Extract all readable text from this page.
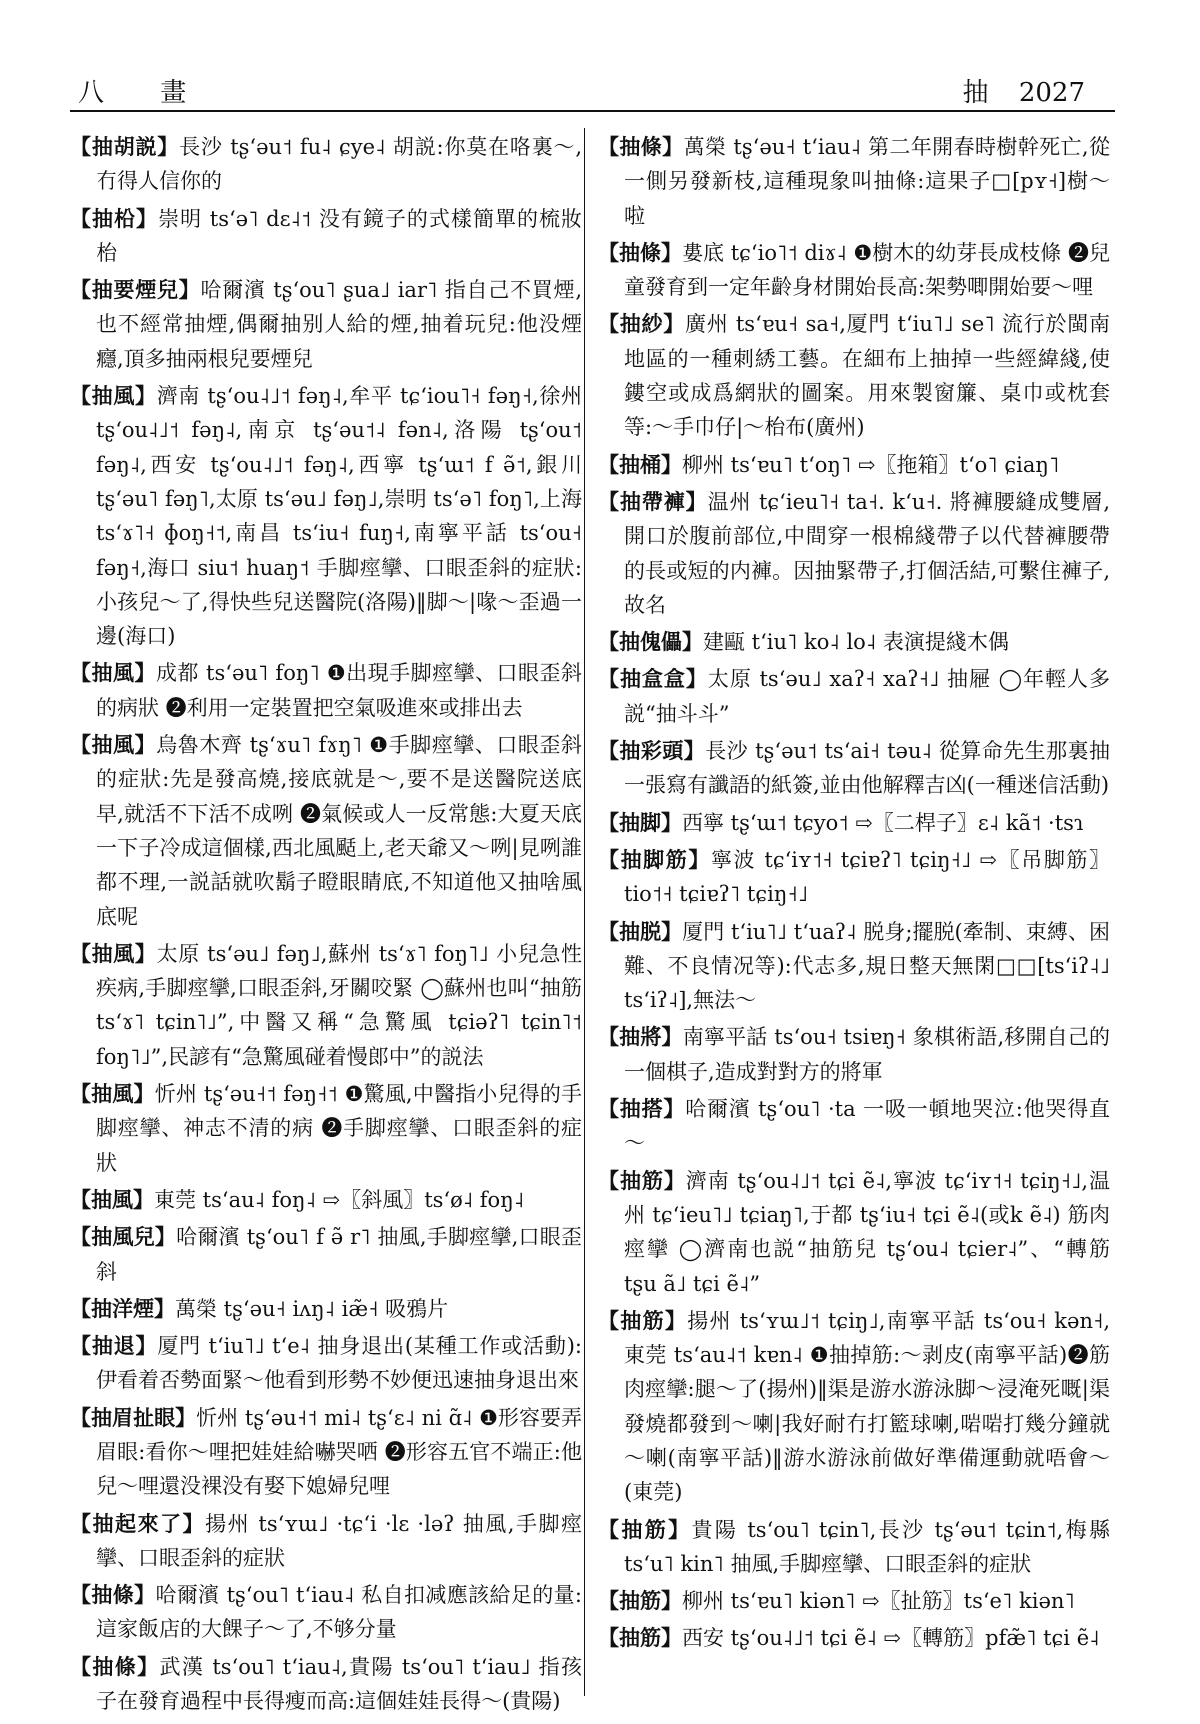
八 畫	抽 2027

【抽胡説】長沙 tʂ‘əu˦ fu˨ ɕye˨ 胡説:你莫在咯裏～,冇得人信你的

【抽柗】崇明 ts‘ə˥ dɛ˨˦ 没有鏡子的式樣簡單的梳妝枱

【抽要煙兒】哈爾濱 tʂ‘ou˥ ʂua˩ iar˥ 指自己不買煙,也不經常抽煙,偶爾抽别人給的煙,抽着玩兒:他没煙癮,頂多抽兩根兒要煙兒

【抽風】濟南 tʂ‘ou˨˩˦ fəŋ˨,牟平 tɕ‘iou˥˧ fəŋ˧,徐州 tʂ‘ou˨˩˦ fəŋ˨,南京 tʂ‘əu˦˨ fən˨,洛陽 tʂ‘ou˦ fəŋ˨,西安 tʂ‘ou˨˩˦ fəŋ˨,西寧 tʂ‘ɯ˦ f ə̃˦,銀川 tʂ‘əu˥ fəŋ˥,太原 ts‘əu˩ fəŋ˩,崇明 ts‘ə˥ foŋ˥,上海 ts‘ɤ˥˧ ɸoŋ˧˦,南昌 ts‘iu˧ fuŋ˧,南寧平話 ts‘ou˧ fəŋ˧,海口 siu˦ huaŋ˦ 手脚痙攣、口眼歪斜的症狀:小孩兒～了,得快些兒送醫院(洛陽)‖脚～|喙～歪過一邊(海口)

【抽風】成都 ts‘əu˥ foŋ˥ ❶出現手脚痙攣、口眼歪斜的病狀 ❷利用一定裝置把空氣吸進來或排出去

【抽風】烏魯木齊 tʂ‘ɤu˥ fɤŋ˥ ❶手脚痙攣、口眼歪斜的症狀:先是發高燒,接底就是～,要不是送醫院送底早,就活不下活不成咧 ❷氣候或人一反常態:大夏天底一下子冷成這個樣,西北風颳上,老天爺又～咧|見咧誰都不理,一説話就吹鬍子瞪眼睛底,不知道他又抽啥風底呢

【抽風】太原 ts‘əu˩ fəŋ˩,蘇州 ts‘ɤ˥ foŋ˥˩ 小兒急性疾病,手脚痙攣,口眼歪斜,牙關咬緊 ◯蘇州也叫“抽筋 ts‘ɤ˥ tɕin˥˩”,中醫又稱“急驚風 tɕiəʔ˥ tɕin˥˦ foŋ˥˩”,民諺有“急驚風碰着慢郎中”的説法

【抽風】忻州 tʂ‘əu˧˦ fəŋ˧˦ ❶驚風,中醫指小兒得的手脚痙攣、神志不清的病 ❷手脚痙攣、口眼歪斜的症狀

【抽風】東莞 ts‘au˨ foŋ˨ ⇨〖斜風〗ts‘ø˨ foŋ˨

【抽風兒】哈爾濱 tʂ‘ou˥ f ə̃ r˥ 抽風,手脚痙攣,口眼歪斜

【抽洋煙】萬榮 tʂ‘əu˧ iʌŋ˨ iæ̃˧ 吸鴉片

【抽退】厦門 t‘iu˥˩ t‘e˨ 抽身退出(某種工作或活動):伊看着否勢面緊～他看到形勢不妙便迅速抽身退出來

【抽眉扯眼】忻州 tʂ‘əu˧˦ mi˨ tʂ‘ɛ˨ ni ɑ̃˨ ❶形容要弄眉眼:看你～哩把娃娃給嚇哭哂 ❷形容五官不端正:他兒～哩還没裸没有娶下媳婦兒哩

【抽起來了】揚州 ts‘ʏɯ˩ ·tɕ‘i ·lɛ ·ləʔ 抽風,手脚痙攣、口眼歪斜的症狀

【抽條】哈爾濱 tʂ‘ou˥ t‘iau˨ 私自扣减應該給足的量:這家飯店的大餜子～了,不够分量

【抽條】武漢 ts‘ou˥ t‘iau˨,貴陽 ts‘ou˥ t‘iau˩ 指孩子在發育過程中長得瘦而高:這個娃娃長得～(貴陽)

【抽條】萬榮 tʂ‘əu˧ t‘iau˨ 第二年開春時樹幹死亡,從一側另發新枝,這種現象叫抽條:這果子□[pʏ˧]樹～啦

【抽條】婁底 tɕ‘io˥˦ diɤ˨ ❶樹木的幼芽長成枝條 ❷兒童發育到一定年齡身材開始長高:架勢唧開始要～哩

【抽紗】廣州 ts‘ɐu˧ sa˧,厦門 t‘iu˥˩ se˥ 流行於閩南地區的一種刺綉工藝。在細布上抽掉一些經緯綫,使鏤空或成爲網狀的圖案。用來製窗簾、桌巾或枕套等:～手巾仔|～枱布(廣州)

【抽桶】柳州 ts‘ɐu˥ t‘oŋ˥ ⇨〖拖箱〗t‘o˥ ɕiaŋ˥

【抽帶褲】温州 tɕ‘ieu˥˧ ta˧. k‘u˧. 將褲腰縫成雙層,開口於腹前部位,中間穿一根棉綫帶子以代替褲腰帶的長或短的内褲。因抽緊帶子,打個活結,可繫住褲子,故名

【抽傀儡】建甌 t‘iu˥ ko˨ lo˨ 表演提綫木偶

【抽盒盒】太原 ts‘əu˩ xaʔ˧ xaʔ˧˩ 抽屜 ◯年輕人多説“抽斗斗”

【抽彩頭】長沙 tʂ‘əu˦ ts‘ai˧ təu˨ 從算命先生那裏抽一張寫有讖語的紙簽,並由他解釋吉凶(一種迷信活動)

【抽脚】西寧 tʂ‘ɯ˦ tɕyo˦ ⇨〖二桿子〗ɛ˨ kã˦ ·tsɿ

【抽脚筋】寧波 tɕ‘iʏ˦˧ tɕiɐʔ˥ tɕiŋ˧˩ ⇨〖吊脚筋〗tio˦˧ tɕiɐʔ˥ tɕiŋ˧˩

【抽脱】厦門 t‘iu˥˩ t‘uaʔ˨ 脱身;擺脱(牽制、束縛、困難、不良情况等):代志多,規日整天無閑□□[ts‘iʔ˨˩ ts‘iʔ˨],無法～

【抽將】南寧平話 ts‘ou˧ tsiɐŋ˧ 象棋術語,移開自己的一個棋子,造成對對方的將軍

【抽搭】哈爾濱 tʂ‘ou˥ ·ta 一吸一頓地哭泣:他哭得直～

【抽筋】濟南 tʂ‘ou˨˩˦ tɕi ẽ˨,寧波 tɕ‘iʏ˦˧ tɕiŋ˧˩,温州 tɕ‘ieu˥˩ tɕiaŋ˥,于都 tʂ‘iu˧ tɕi ẽ˨(或k ẽ˨) 筋肉痙攣 ◯濟南也説“抽筋兒 tʂ‘ou˨ tɕier˨”、“轉筋 tʂu ã˩ tɕi ẽ˨”

【抽筋】揚州 ts‘ʏɯ˩˦ tɕiŋ˩,南寧平話 ts‘ou˧ kən˧,東莞 ts‘au˨˦ kɐn˨ ❶抽掉筋:～剥皮(南寧平話)❷筋肉痙攣:腿～了(揚州)‖渠是游水游泳脚～浸淹死嘅|渠發燒都發到～喇|我好耐冇打籃球喇,啱啱打幾分鐘就～喇(南寧平話)‖游水游泳前做好準備運動就唔會～(東莞)

【抽筋】貴陽 ts‘ou˥ tɕin˥,長沙 tʂ‘əu˦ tɕin˦,梅縣 ts‘u˥ kin˥ 抽風,手脚痙攣、口眼歪斜的症狀

【抽筋】柳州 ts‘ɐu˥ kiən˥ ⇨〖扯筋〗ts‘e˥ kiən˥

【抽筋】西安 tʂ‘ou˨˩˦ tɕi ẽ˨ ⇨〖轉筋〗pfæ̃˥ tɕi ẽ˨
